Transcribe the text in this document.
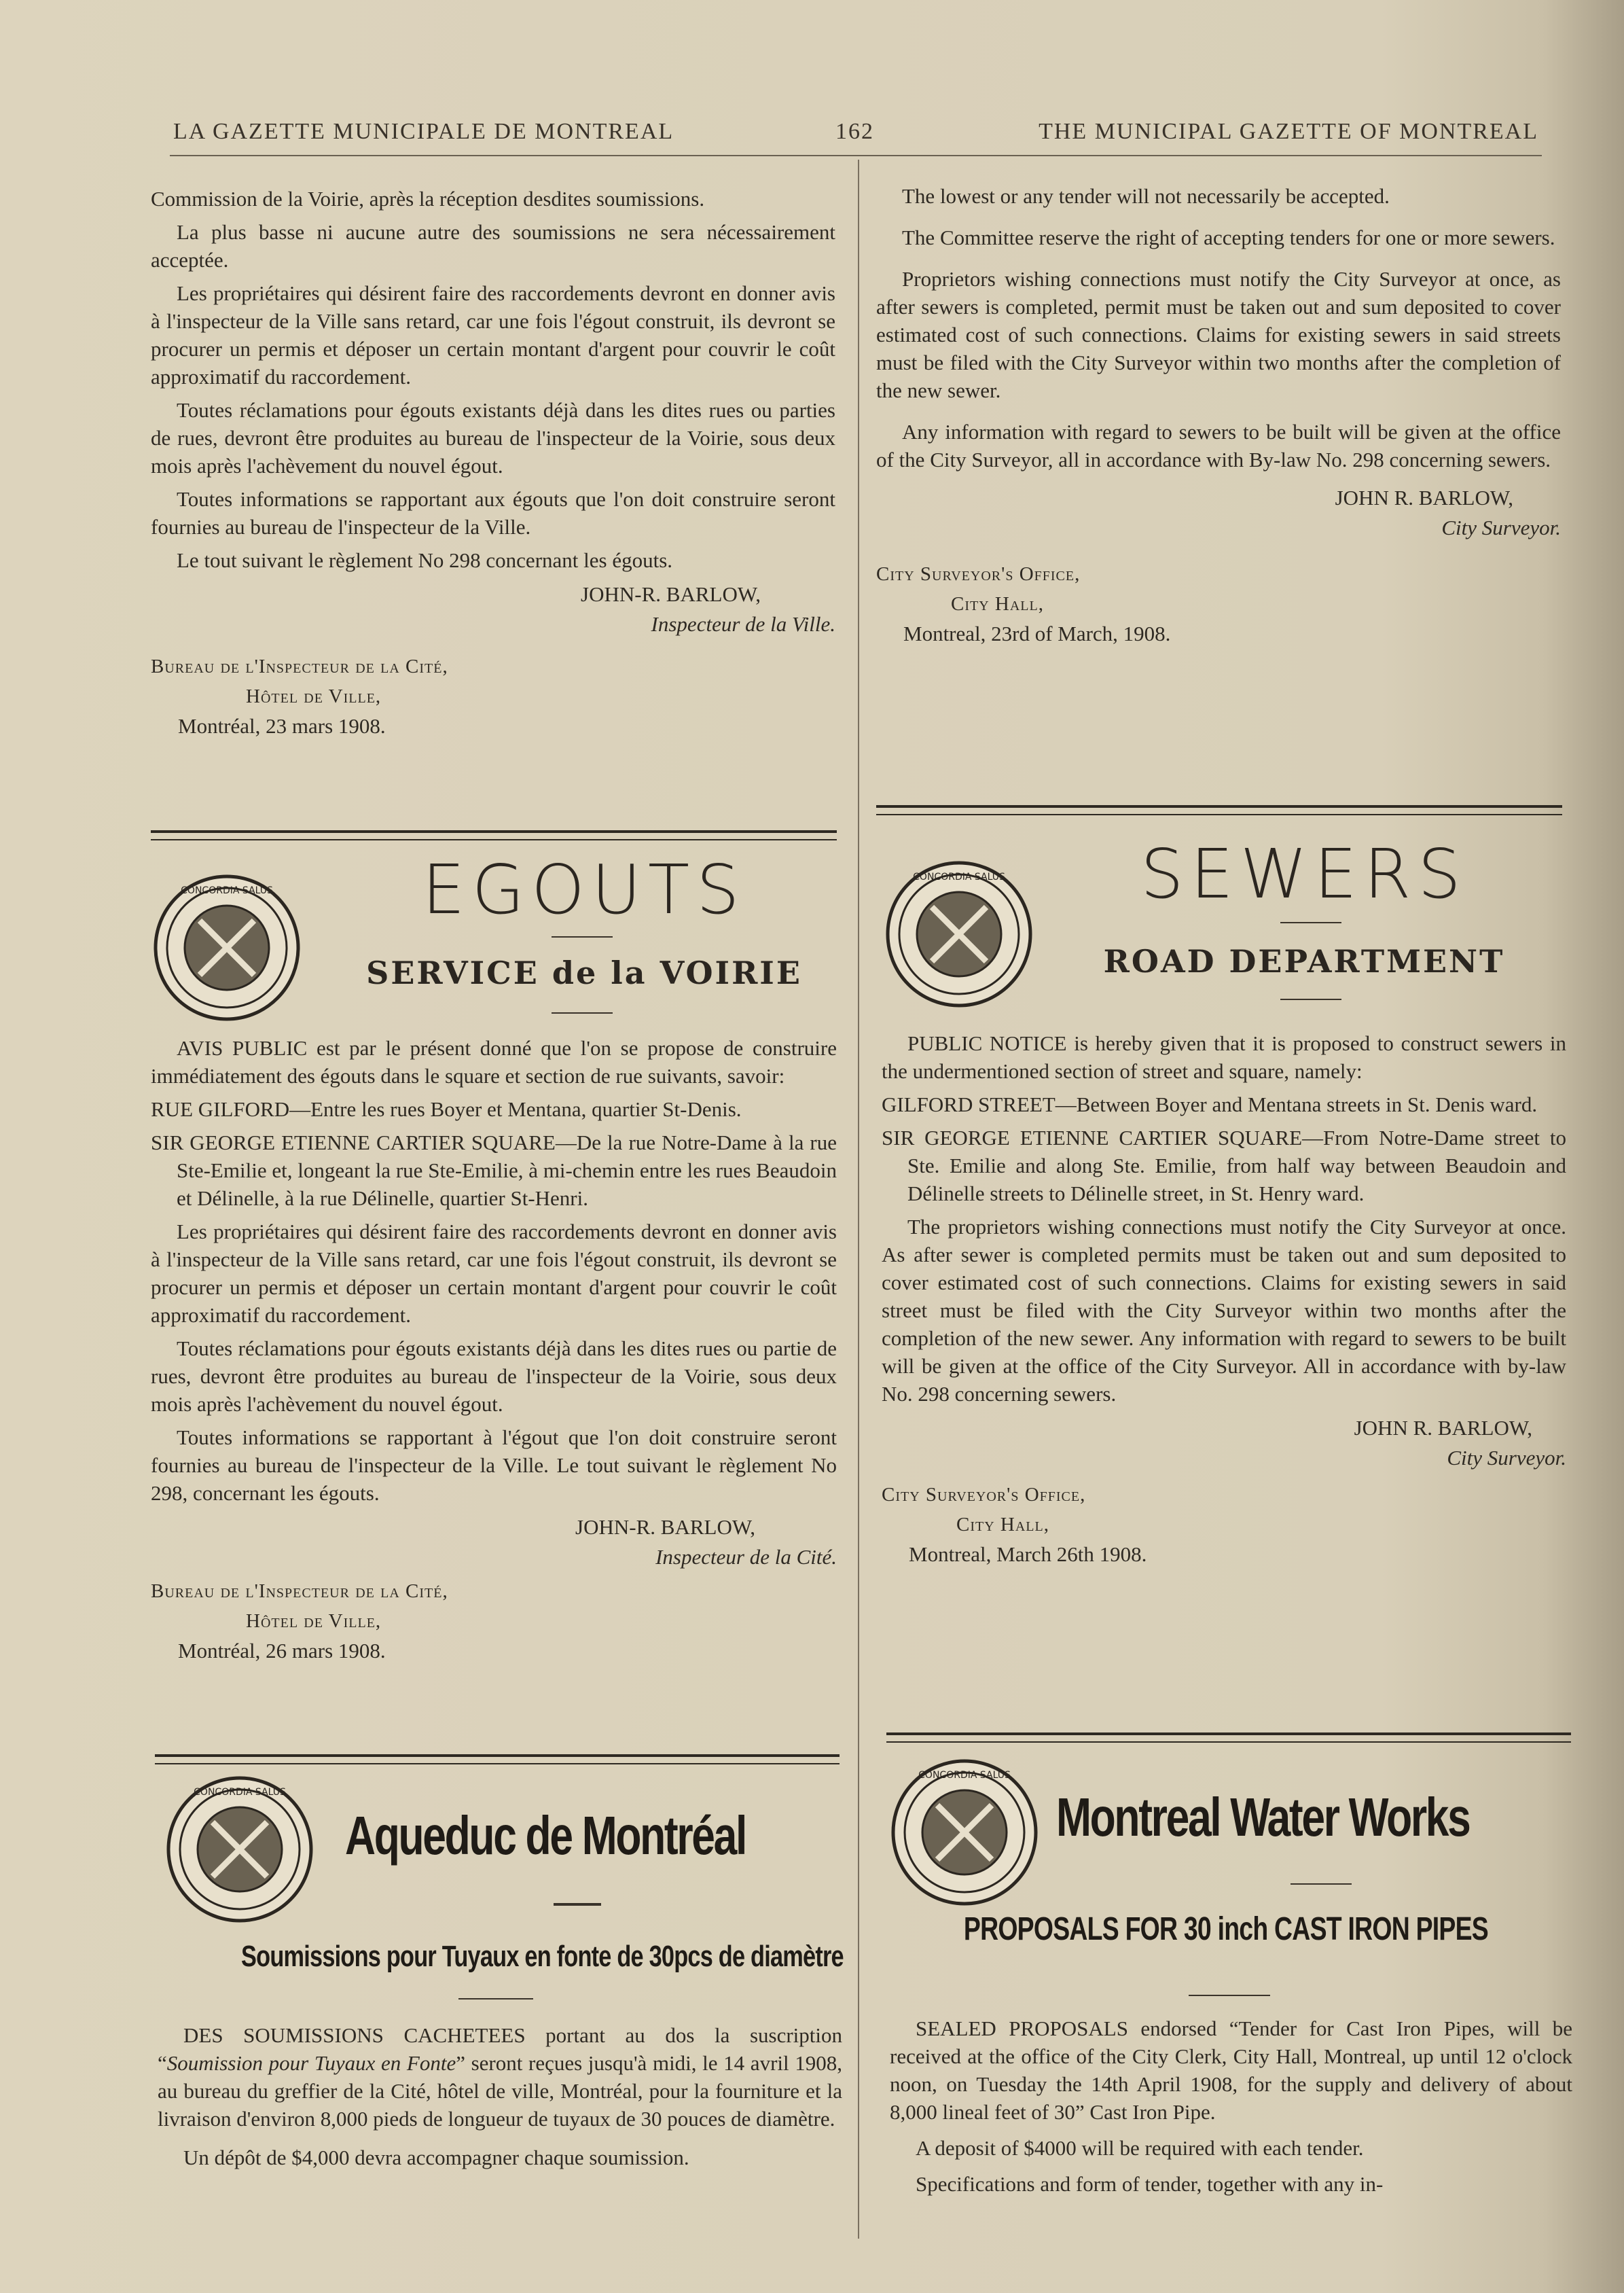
LA GAZETTE MUNICIPALE DE MONTREAL	162	THE MUNICIPAL GAZETTE OF MONTREAL

Commission de la Voirie, après la réception desdites soumissions.

La plus basse ni aucune autre des soumissions ne sera nécessairement acceptée.

Les propriétaires qui désirent faire des raccordements devront en donner avis à l'inspecteur de la Ville sans retard, car une fois l'égout construit, ils devront se procurer un permis et déposer un certain montant d'argent pour couvrir le coût approximatif du raccordement.

Toutes réclamations pour égouts existants déjà dans les dites rues ou parties de rues, devront être produites au bureau de l'inspecteur de la Voirie, sous deux mois après l'achèvement du nouvel égout.

Toutes informations se rapportant aux égouts que l'on doit construire seront fournies au bureau de l'inspecteur de la Ville.

Le tout suivant le règlement No 298 concernant les égouts.

JOHN-R. BARLOW,
Inspecteur de la Ville.
Bureau de l'Inspecteur de la Cité,
Hôtel de Ville,
Montréal, 23 mars 1908.

The lowest or any tender will not necessarily be accepted.

The Committee reserve the right of accepting tenders for one or more sewers.

Proprietors wishing connections must notify the City Surveyor at once, as after sewers is completed, permit must be taken out and sum deposited to cover estimated cost of such connections. Claims for existing sewers in said streets must be filed with the City Surveyor within two months after the completion of the new sewer.

Any information with regard to sewers to be built will be given at the office of the City Surveyor, all in accordance with By-law No. 298 concerning sewers.

JOHN R. BARLOW,
City Surveyor.
City Surveyor's Office,
City Hall,
Montreal, 23rd of March, 1908.
CONCORDIA SALUS	EGOUTS
SERVICE de la VOIRIE

AVIS PUBLIC est par le présent donné que l'on se propose de construire immédiatement des égouts dans le square et section de rue suivants, savoir:

RUE GILFORD—Entre les rues Boyer et Mentana, quartier St-Denis.

SIR GEORGE ETIENNE CARTIER SQUARE—De la rue Notre-Dame à la rue Ste-Emilie et, longeant la rue Ste-Emilie, à mi-chemin entre les rues Beaudoin et Délinelle, à la rue Délinelle, quartier St-Henri.

Les propriétaires qui désirent faire des raccordements devront en donner avis à l'inspecteur de la Ville sans retard, car une fois l'égout construit, ils devront se procurer un permis et déposer un certain montant d'argent pour couvrir le coût approximatif du raccordement.

Toutes réclamations pour égouts existants déjà dans les dites rues ou partie de rues, devront être produites au bureau de l'inspecteur de la Voirie, sous deux mois après l'achèvement du nouvel égout.

Toutes informations se rapportant à l'égout que l'on doit construire seront fournies au bureau de l'inspecteur de la Ville. Le tout suivant le règlement No 298, concernant les égouts.

JOHN-R. BARLOW,
Inspecteur de la Cité.
Bureau de l'Inspecteur de la Cité,
Hôtel de Ville,
Montréal, 26 mars 1908.
CONCORDIA SALUS	SEWERS
ROAD DEPARTMENT

PUBLIC NOTICE is hereby given that it is proposed to construct sewers in the undermentioned section of street and square, namely:

GILFORD STREET—Between Boyer and Mentana streets in St. Denis ward.

SIR GEORGE ETIENNE CARTIER SQUARE—From Notre-Dame street to Ste. Emilie and along Ste. Emilie, from half way between Beaudoin and Délinelle streets to Délinelle street, in St. Henry ward.

The proprietors wishing connections must notify the City Surveyor at once. As after sewer is completed permits must be taken out and sum deposited to cover estimated cost of such connections. Claims for existing sewers in said street must be filed with the City Surveyor within two months after the completion of the new sewer. Any information with regard to sewers to be built will be given at the office of the City Surveyor. All in accordance with by-law No. 298 concerning sewers.

JOHN R. BARLOW,
City Surveyor.
City Surveyor's Office,
City Hall,
Montreal, March 26th 1908.
CONCORDIA SALUS
Aqueduc de Montréal
Soumissions pour Tuyaux en fonte de 30pcs de diamètre

DES SOUMISSIONS CACHETEES portant au dos la suscription “Soumission pour Tuyaux en Fonte” seront reçues jusqu'à midi, le 14 avril 1908, au bureau du greffier de la Cité, hôtel de ville, Montréal, pour la fourniture et la livraison d'environ 8,000 pieds de longueur de tuyaux de 30 pouces de diamètre.

Un dépôt de $4,000 devra accompagner chaque soumission.

CONCORDIA SALUS
Montreal Water Works
PROPOSALS FOR 30 inch CAST IRON PIPES

SEALED PROPOSALS endorsed “Tender for Cast Iron Pipes, will be received at the office of the City Clerk, City Hall, Montreal, up until 12 o'clock noon, on Tuesday the 14th April 1908, for the supply and delivery of about 8,000 lineal feet of 30” Cast Iron Pipe.

A deposit of $4000 will be required with each tender.

Specifications and form of tender, together with any in-
